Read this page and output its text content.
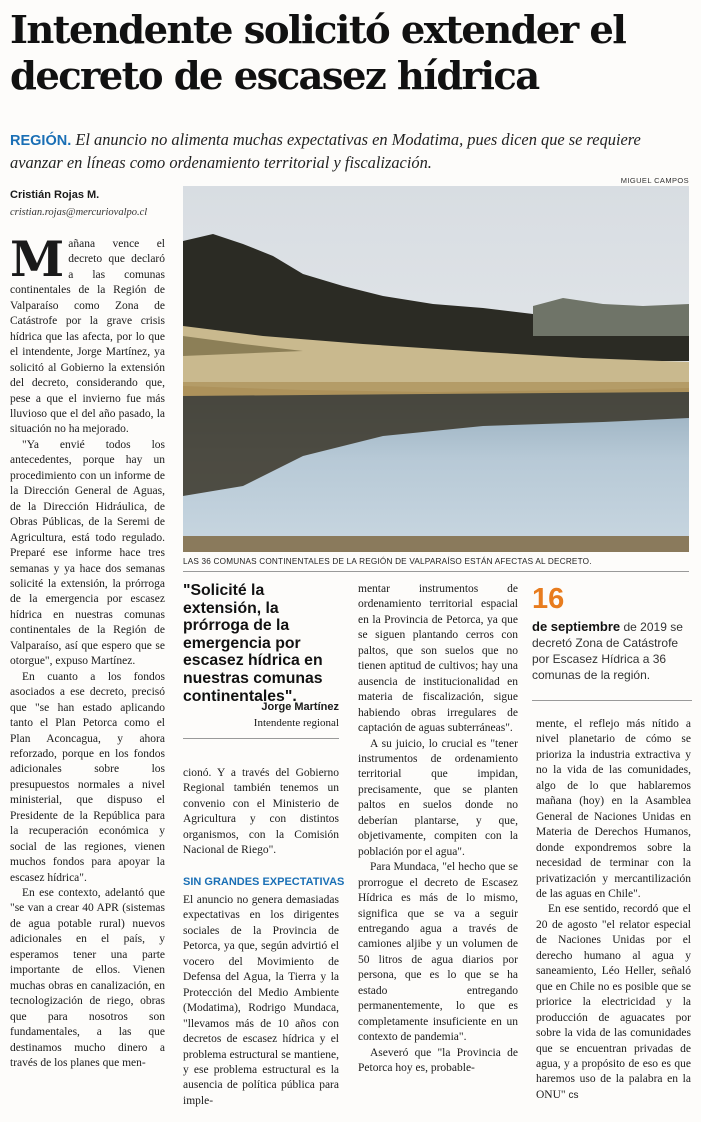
Intendente solicitó extender el decreto de escasez hídrica

REGIÓN. El anuncio no alimenta muchas expectativas en Modatima, pues dicen que se requiere avanzar en líneas como ordenamiento territorial y fiscalización.

MIGUEL CAMPOS
Cristián Rojas M.
cristian.rojas@mercuriovalpo.cl

Mañana vence el decreto que declaró a las comunas continentales de la Región de Valparaíso como Zona de Catástrofe por la grave crisis hídrica que las afecta, por lo que el intendente, Jorge Martínez, ya solicitó al Gobierno la extensión del decreto, considerando que, pese a que el invierno fue más lluvioso que el del año pasado, la situación no ha mejorado.

"Ya envié todos los antecedentes, porque hay un procedimiento con un informe de la Dirección General de Aguas, de la Dirección Hidráulica, de Obras Públicas, de la Seremi de Agricultura, está todo regulado. Preparé ese informe hace tres semanas y ya hace dos semanas solicité la extensión, la prórroga de la emergencia por escasez hídrica en nuestras comunas continentales de la Región de Valparaíso, así que espero que se otorgue", expuso Martínez.

En cuanto a los fondos asociados a ese decreto, precisó que "se han estado aplicando tanto el Plan Petorca como el Plan Aconcagua, y ahora reforzado, porque en los fondos adicionales sobre los presupuestos normales a nivel ministerial, que dispuso el Presidente de la República para la recuperación económica y social de las regiones, vienen muchos fondos para apoyar la escasez hídrica".

En ese contexto, adelantó que "se van a crear 40 APR (sistemas de agua potable rural) nuevos adicionales en el país, y esperamos tener una parte importante de ellos. Vienen muchas obras en canalización, en tecnologización de riego, obras que para nosotros son fundamentales, a las que destinamos mucho dinero a través de los planes que men-

LAS 36 COMUNAS CONTINENTALES DE LA REGIÓN DE VALPARAÍSO ESTÁN AFECTAS AL DECRETO.
"Solicité la extensión, la prórroga de la emergencia por escasez hídrica en nuestras comunas continentales".
Jorge Martínez
Intendente regional

cionó. Y a través del Gobierno Regional también tenemos un convenio con el Ministerio de Agricultura y con distintos organismos, con la Comisión Nacional de Riego".

SIN GRANDES EXPECTATIVAS

El anuncio no genera demasiadas expectativas en los dirigentes sociales de la Provincia de Petorca, ya que, según advirtió el vocero del Movimiento de Defensa del Agua, la Tierra y la Protección del Medio Ambiente (Modatima), Rodrigo Mundaca, "llevamos más de 10 años con decretos de escasez hídrica y el problema estructural se mantiene, y ese problema estructural es la ausencia de política pública para imple-

mentar instrumentos de ordenamiento territorial espacial en la Provincia de Petorca, ya que se siguen plantando cerros con paltos, que son suelos que no tienen aptitud de cultivos; hay una ausencia de institucionalidad en materia de fiscalización, sigue habiendo obras irregulares de captación de aguas subterráneas".

A su juicio, lo crucial es "tener instrumentos de ordenamiento territorial que impidan, precisamente, que se planten paltos en suelos donde no deberían plantarse, y que, objetivamente, compiten con la población por el agua".

Para Mundaca, "el hecho que se prorrogue el decreto de Escasez Hídrica es más de lo mismo, significa que se va a seguir entregando agua a través de camiones aljibe y un volumen de 50 litros de agua diarios por persona, que es lo que se ha estado entregando permanentemente, lo que es completamente insuficiente en un contexto de pandemia".

Aseveró que "la Provincia de Petorca hoy es, probable-

16
de septiembre de 2019 se decretó Zona de Catástrofe por Escasez Hídrica a 36 comunas de la región.

mente, el reflejo más nítido a nivel planetario de cómo se prioriza la industria extractiva y no la vida de las comunidades, algo de lo que hablaremos mañana (hoy) en la Asamblea General de Naciones Unidas en Materia de Derechos Humanos, donde expondremos sobre la necesidad de terminar con la privatización y mercantilización de las aguas en Chile".

En ese sentido, recordó que el 20 de agosto "el relator especial de Naciones Unidas por el derecho humano al agua y saneamiento, Léo Heller, señaló que en Chile no es posible que se priorice la electricidad y la producción de aguacates por sobre la vida de las comunidades que se encuentran privadas de agua, y a propósito de eso es que haremos uso de la palabra en la ONU" cs
